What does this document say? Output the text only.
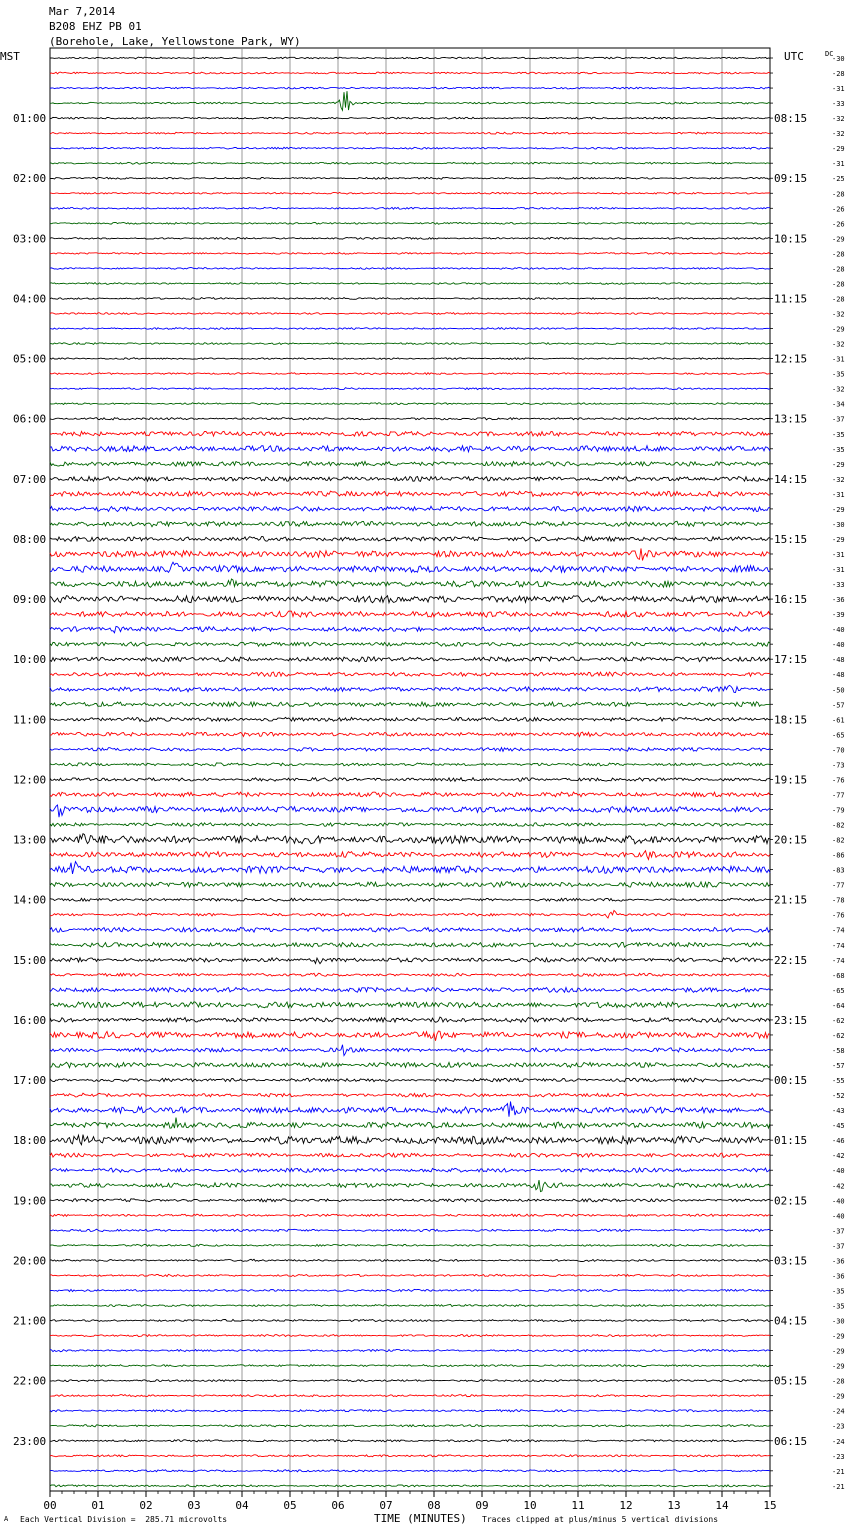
Mar 7,2014
B208 EHZ PB 01
(Borehole, Lake, Yellowstone Park, WY)
MST	UTC	-30
-28
-31
-33
-32
-32
-29
-31
-25
-28
-26
-26
-29
-28
-28
-28
-28
-32
-29
-32
-31
-35
-32
-34
-37
-35
-35
-29
-32
-31
-29
-30
-29
-31
-31
-33
-36
-39
-40
-40
-48
-48
-50
-57
-61
-65
-70
-73
-76
-77
-79
-82
-82
-86
-83
-77
-78
-76
-74
-74
-74
-68
-65
-64
-62
-62
-58
-57
-55
-52
-43
-45
-46
-42
-40
-42
-40
-40
-37
-37
-36
-36
-35
-35
-30
-29
-29
-29
-28
-29
-24
-23
-24
-23
-21
-21
DC
01:00
02:00
03:00
04:00
05:00
06:00
07:00
08:00
09:00
10:00
11:00
12:00
13:00
14:00
15:00
16:00
17:00
18:00
19:00
20:00
21:00
22:00
23:00
08:15
09:15
10:15
11:15
12:15
13:15
14:15
15:15
16:15
17:15
18:15
19:15
20:15
21:15
22:15
23:15
00:15
01:15
02:15
03:15
04:15
05:15
06:15
00	01	02	03	04	05	06	07	08	09	10	11	12	13	14	15
A Each Vertical Division =  285.71 microvolts	TIME (MINUTES) Traces clipped at plus/minus 5 vertical divisions
